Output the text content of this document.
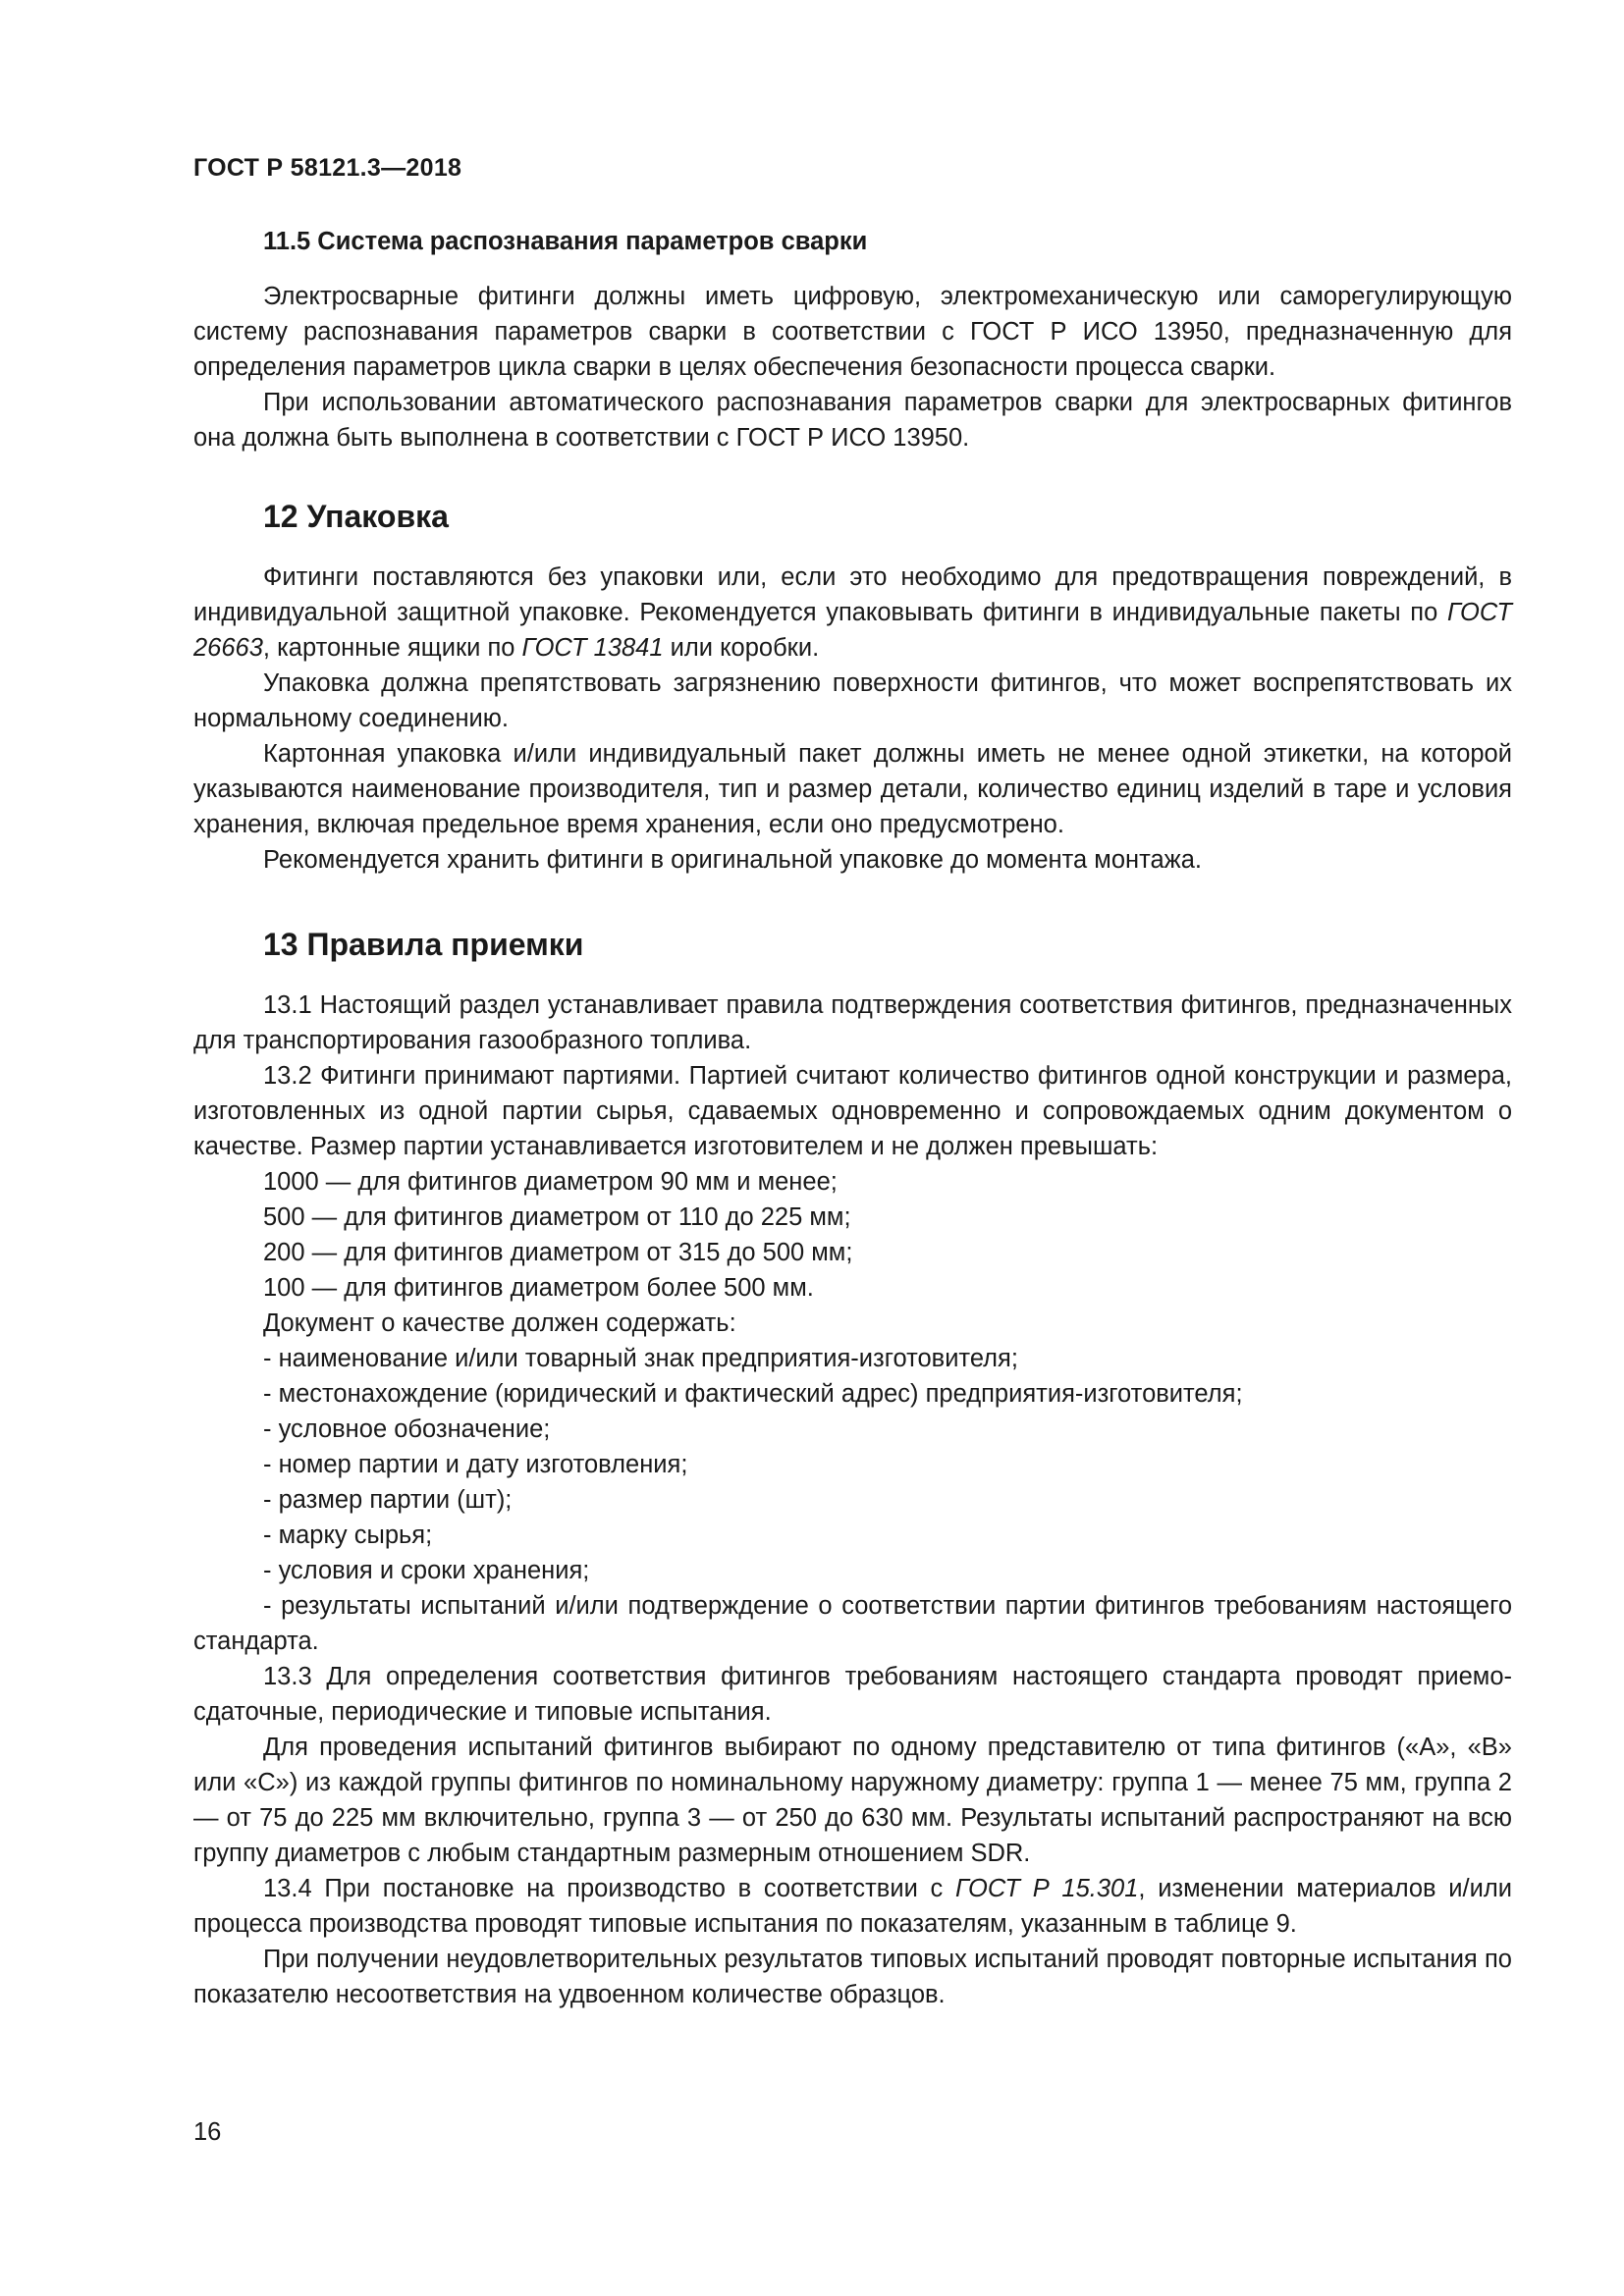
ГОСТ Р 58121.3—2018
11.5 Система распознавания параметров сварки

Электросварные фитинги должны иметь цифровую, электромеханическую или саморегулирующую систему распознавания параметров сварки в соответствии с ГОСТ Р ИСО 13950, предназначенную для определения параметров цикла сварки в целях обеспечения безопасности процесса сварки.

При использовании автоматического распознавания параметров сварки для электросварных фитингов она должна быть выполнена в соответствии с ГОСТ Р ИСО 13950.

12 Упаковка

Фитинги поставляются без упаковки или, если это необходимо для предотвращения повреждений, в индивидуальной защитной упаковке. Рекомендуется упаковывать фитинги в индивидуальные пакеты по ГОСТ 26663, картонные ящики по ГОСТ 13841 или коробки.

Упаковка должна препятствовать загрязнению поверхности фитингов, что может воспрепятствовать их нормальному соединению.

Картонная упаковка и/или индивидуальный пакет должны иметь не менее одной этикетки, на которой указываются наименование производителя, тип и размер детали, количество единиц изделий в таре и условия хранения, включая предельное время хранения, если оно предусмотрено.

Рекомендуется хранить фитинги в оригинальной упаковке до момента монтажа.

13 Правила приемки

13.1 Настоящий раздел устанавливает правила подтверждения соответствия фитингов, предназначенных для транспортирования газообразного топлива.

13.2 Фитинги принимают партиями. Партией считают количество фитингов одной конструкции и размера, изготовленных из одной партии сырья, сдаваемых одновременно и сопровождаемых одним документом о качестве. Размер партии устанавливается изготовителем и не должен превышать:

1000 — для фитингов диаметром 90 мм и менее;

500 — для фитингов диаметром от 110 до 225 мм;

200 — для фитингов диаметром от 315 до 500 мм;

100 — для фитингов диаметром более 500 мм.

Документ о качестве должен содержать:

- наименование и/или товарный знак предприятия-изготовителя;

- местонахождение (юридический и фактический адрес) предприятия-изготовителя;

- условное обозначение;

- номер партии и дату изготовления;

- размер партии (шт);

- марку сырья;

- условия и сроки хранения;

- результаты испытаний и/или подтверждение о соответствии партии фитингов требованиям настоящего стандарта.

13.3 Для определения соответствия фитингов требованиям настоящего стандарта проводят приемо-сдаточные, периодические и типовые испытания.

Для проведения испытаний фитингов выбирают по одному представителю от типа фитингов («А», «В» или «С») из каждой группы фитингов по номинальному наружному диаметру: группа 1 — менее 75 мм, группа 2 — от 75 до 225 мм включительно, группа 3 — от 250 до 630 мм. Результаты испытаний распространяют на всю группу диаметров с любым стандартным размерным отношением SDR.

13.4 При постановке на производство в соответствии с ГОСТ Р 15.301, изменении материалов и/или процесса производства проводят типовые испытания по показателям, указанным в таблице 9.

При получении неудовлетворительных результатов типовых испытаний проводят повторные испытания по показателю несоответствия на удвоенном количестве образцов.

16
